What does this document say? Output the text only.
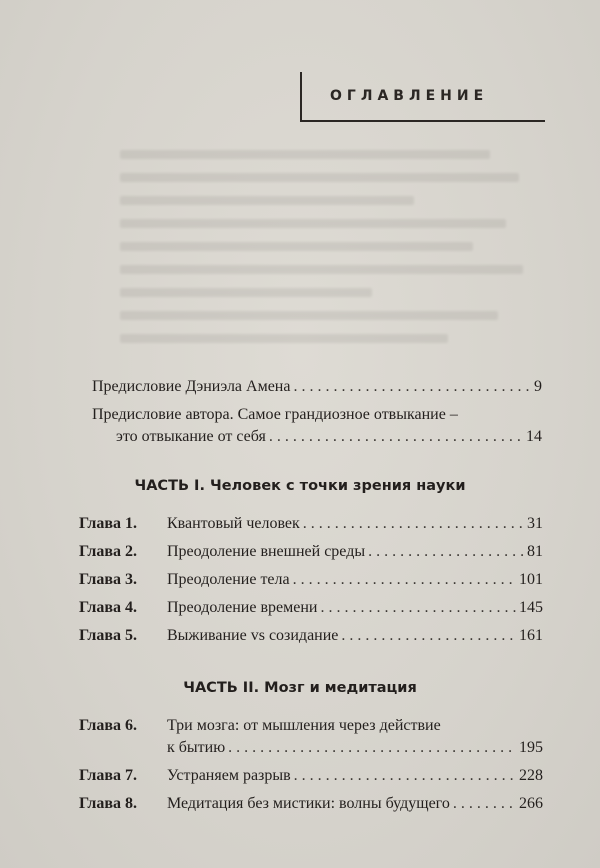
ОГЛАВЛЕНИЕ
Предисловие Дэниэла Амена . . .	9
Предисловие автора. Самое грандиозное отвыкание –
это отвыкание от себя . . .	14
ЧАСТЬ I. Человек с точки зрения науки
Глава 1.	Квантовый человек . . .	31
Глава 2.	Преодоление внешней среды . . .	81
Глава 3.	Преодоление тела . . .	101
Глава 4.	Преодоление времени . . .	145
Глава 5.	Выживание vs созидание . . .	161
ЧАСТЬ II. Мозг и медитация
Глава 6.	Три мозга: от мышления через действие
к бытию . . .	195
Глава 7.	Устраняем разрыв . . .	228
Глава 8.	Медитация без мистики: волны будущего . . .	266
